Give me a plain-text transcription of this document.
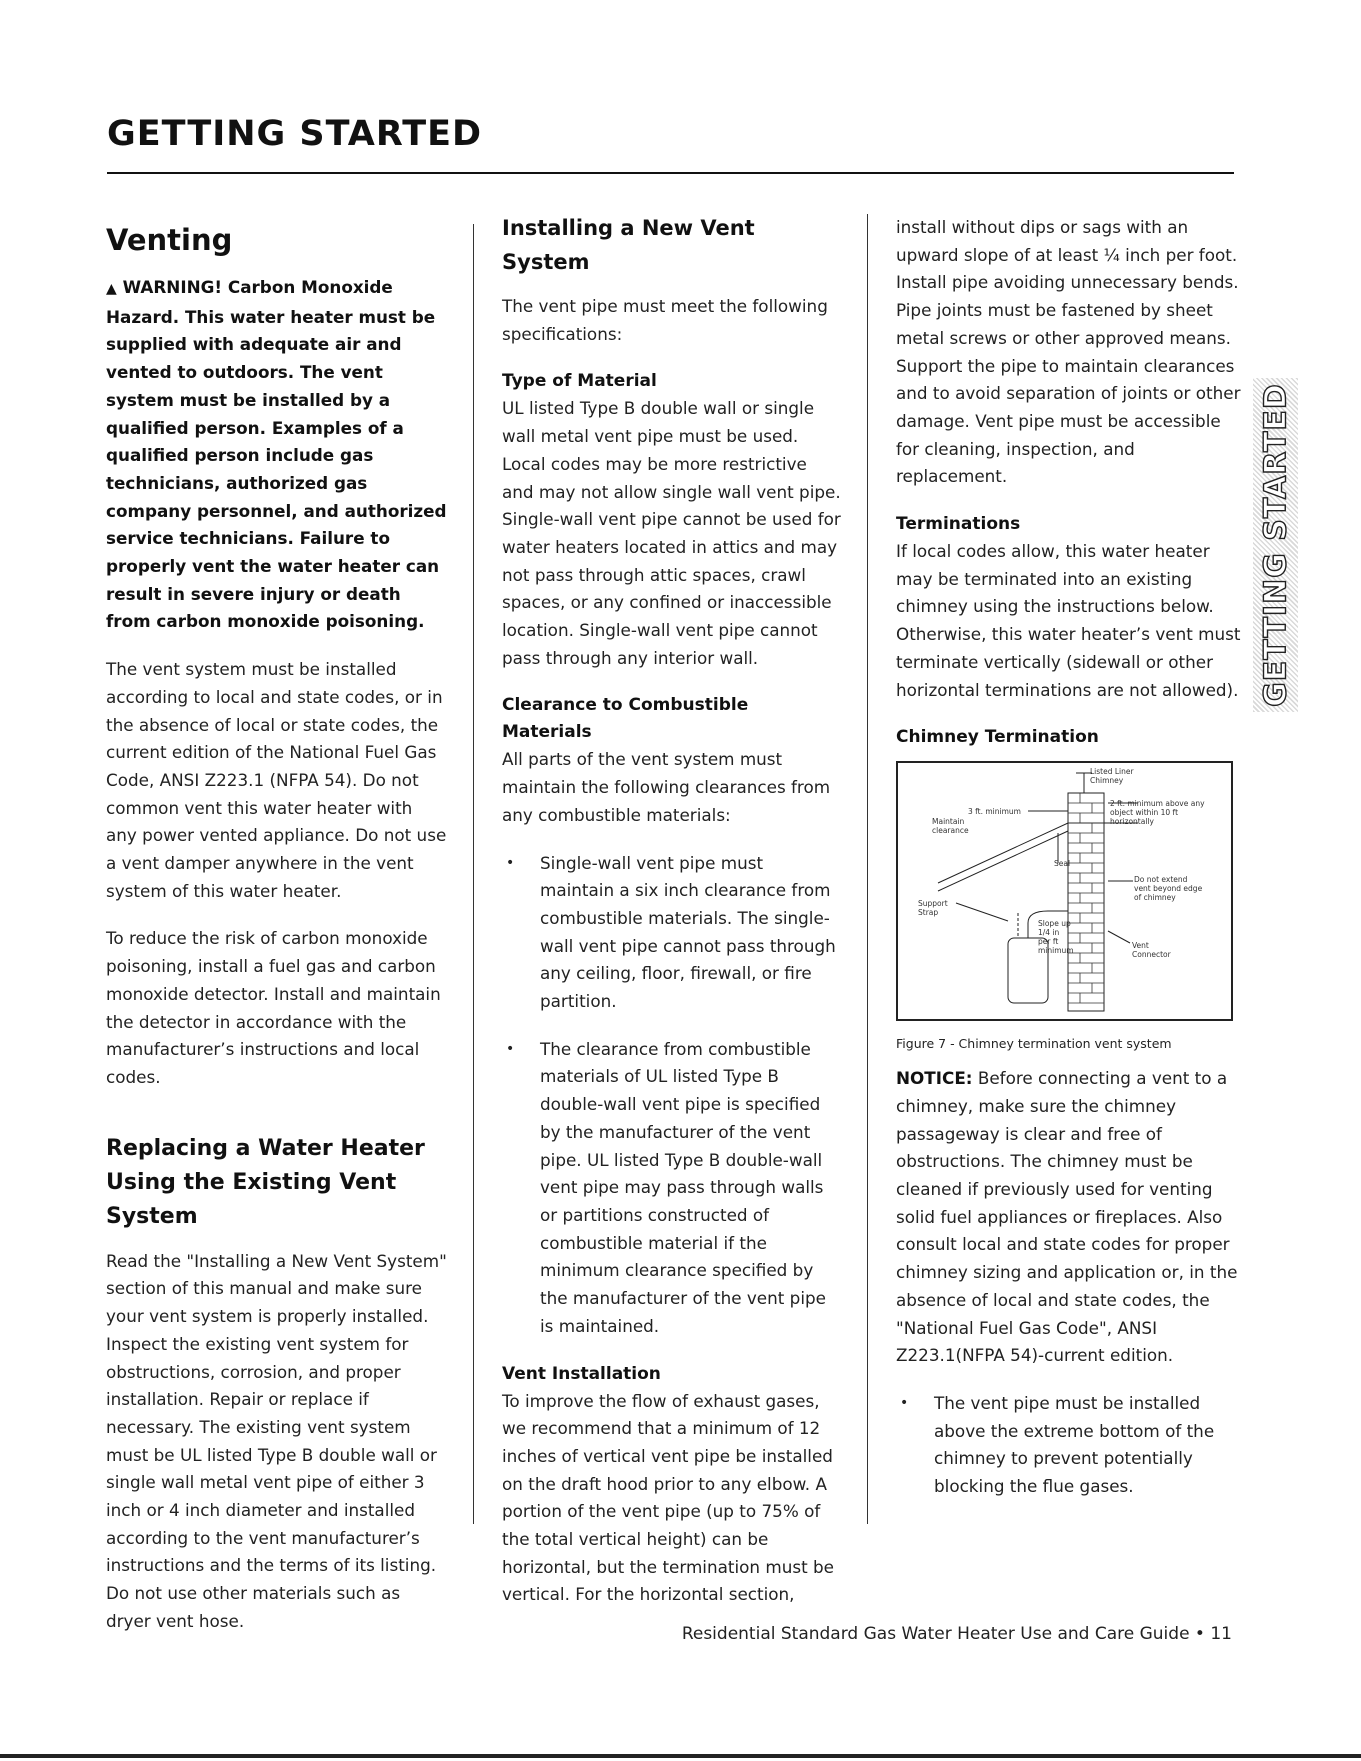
GETTING STARTED
Venting

▲ WARNING! Carbon Monoxide Hazard. This water heater must be supplied with adequate air and vented to outdoors. The vent system must be installed by a qualified person. Examples of a qualified person include gas technicians, authorized gas company personnel, and authorized service technicians. Failure to properly vent the water heater can result in severe injury or death from carbon monoxide poisoning.

The vent system must be installed according to local and state codes, or in the absence of local or state codes, the current edition of the National Fuel Gas Code, ANSI Z223.1 (NFPA 54). Do not common vent this water heater with any power vented appliance. Do not use a vent damper anywhere in the vent system of this water heater.

To reduce the risk of carbon monoxide poisoning, install a fuel gas and carbon monoxide detector. Install and maintain the detector in accordance with the manufacturer’s instructions and local codes.

Replacing a Water Heater Using the Existing Vent System

Read the "Installing a New Vent System" section of this manual and make sure your vent system is properly installed. Inspect the existing vent system for obstructions, corrosion, and proper installation. Repair or replace if necessary. The existing vent system must be UL listed Type B double wall or single wall metal vent pipe of either 3 inch or 4 inch diameter and installed according to the vent manufacturer’s instructions and the terms of its listing. Do not use other materials such as dryer vent hose.

Installing a New Vent System

The vent pipe must meet the following specifications:

Type of Material

UL listed Type B double wall or single wall metal vent pipe must be used. Local codes may be more restrictive and may not allow single wall vent pipe. Single-wall vent pipe cannot be used for water heaters located in attics and may not pass through attic spaces, crawl spaces, or any confined or inaccessible location. Single-wall vent pipe cannot pass through any interior wall.

Clearance to Combustible Materials

All parts of the vent system must maintain the following clearances from any combustible materials:

• Single-wall vent pipe must maintain a six inch clearance from combustible materials. The single-wall vent pipe cannot pass through any ceiling, floor, firewall, or fire partition.
• The clearance from combustible materials of UL listed Type B double-wall vent pipe is specified by the manufacturer of the vent pipe. UL listed Type B double-wall vent pipe may pass through walls or partitions constructed of combustible material if the minimum clearance specified by the manufacturer of the vent pipe is maintained.
Vent Installation

To improve the flow of exhaust gases, we recommend that a minimum of 12 inches of vertical vent pipe be installed on the draft hood prior to any elbow. A portion of the vent pipe (up to 75% of the total vertical height) can be horizontal, but the termination must be vertical. For the horizontal section,

install without dips or sags with an upward slope of at least ¼ inch per foot. Install pipe avoiding unnecessary bends. Pipe joints must be fastened by sheet metal screws or other approved means. Support the pipe to maintain clearances and to avoid separation of joints or other damage. Vent pipe must be accessible for cleaning, inspection, and replacement.

Terminations

If local codes allow, this water heater may be terminated into an existing chimney using the instructions below. Otherwise, this water heater’s vent must terminate vertically (sidewall or other horizontal terminations are not allowed).

Chimney Termination
Listed Liner
Chimney
2 ft. minimum above any
object within 10 ft
horizontally
3 ft. minimum
Maintain
clearance
Seal
Do not extend
vent beyond edge
of chimney
Support
Strap
Slope up
1/4 in
per ft
minimum
Vent
Connector
Figure 7 - Chimney termination vent system

NOTICE: Before connecting a vent to a chimney, make sure the chimney passageway is clear and free of obstructions. The chimney must be cleaned if previously used for venting solid fuel appliances or fireplaces. Also consult local and state codes for proper chimney sizing and application or, in the absence of local and state codes, the "National Fuel Gas Code", ANSI Z223.1(NFPA 54)-current edition.

• The vent pipe must be installed above the extreme bottom of the chimney to prevent potentially blocking the flue gases.
GETTING STARTED
Residential Standard Gas Water Heater Use and Care Guide • 11
